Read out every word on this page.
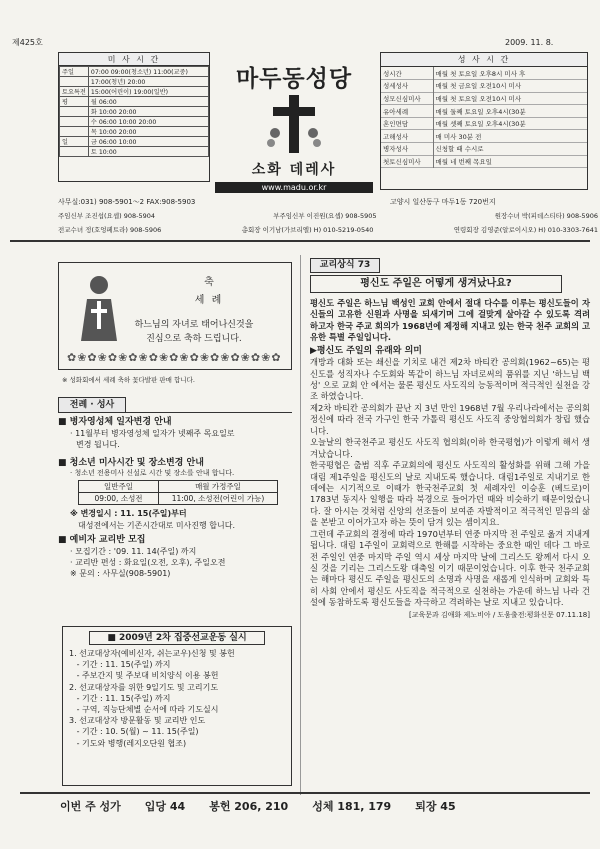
제425호	2009. 11. 8.
미 사 시 간
주일	07:00 09:00(청소년) 11:00(교중)
	17:00(청년) 20:00
토요특전	15:00(어린이) 19:00(일반)
평	월 06:00
	화 10:00 20:00
	수 06:00 10:00 20:00
	목 10:00 20:00
일	금 06:00 10:00
	토 10:00
마두동성당
소화 데레사
www.madu.or.kr
성 사 시 간
성시간	매월 첫 토요일 오후8시 미사 후
성세성사	매월 첫 금요일 오전10시 미사
성모신심미사	매월 첫 토요일 오전10시 미사
유아세례	매월 둘째 토요일 오후4시(30분
혼인면담	매월 셋째 토요일 오후4시(30분
고해성사	매 미사 30분 전
병자성사	신청할 때 수시로
첫토신심미사	매월 네 번째 목요일
사무실:031) 908-5901～2 FAX:908-5903	고양시 일산동구 마두1동 720번지
주임신부 조진섭(요셉) 908-5904	부주임신부 이진원(요셉) 908-5905	원장수녀 박(피데스티타) 908-5906
전교수녀 정(호엉페트라) 908-5906	총회장 이기남(가브리엘) H) 010-5219-0540	연령회장 김영준(알로이시오) H) 010-3303-7641
축
세 례
하느님의 자녀로 태어나신것을
진심으로 축하 드립니다.
✿❀✿❀✿❀✿❀✿❀✿❀✿❀✿❀✿❀✿❀✿
※ 성화회에서 세례 축하 꽃다발판 판매 합니다.
전례 · 성사
■ 병자영성체 일자변경 안내
· 11월부터 병자영성체 일자가 넷째주 목요일로
변경 됩니다.
■ 청소년 미사시간 및 장소변경 안내
· 청소년 전용미사 신설로 시간 및 장소를 안내 합니다.
일반주일	매월 가정주일
09:00, 소성전	11:00, 소성전(어린이 가능)
※ 변경일시 : 11. 15(주일)부터
대성전에서는 기존시간대로 미사진행 합니다.
■ 예비자 교리반 모집
· 모집기간 : '09. 11. 14(주일) 까지
· 교리반 편성 : 화요일(오전, 오후), 주일오전
※ 문의 : 사무실(908-5901)
■ 2009년 2차 집중선교운동 실시
1. 선교대상자(예비신자, 쉬는교우)신청 및 봉헌
- 기간 : 11. 15(주일) 까지
- 주보간지 및 주보대 비치양식 이용 봉헌
2. 선교대상자를 위한 9일기도 및 고리기도
- 기간 : 11. 15(주일) 까지
- 구역, 직능단체별 순서에 따라 기도실시
3. 선교대상자 방문활동 및 교리반 인도
- 기간 : 10. 5(월) ~ 11. 15(주일)
- 기도와 병행(레지오단원 협조)
교리상식 73
평신도 주일은 어떻게 생겨났나요?

평신도 주일은 하느님 백성인 교회 안에서 절대 다수를 이루는 평신도들이 자신들의 고유한 신원과 사명을 되새기며 그에 걸맞게 살아갈 수 있도록 격려 하고자 한국 주교 회의가 1968년에 제정해 지내고 있는 한국 천주 교회의 고유한 특별 주일입니다.

▶평신도 주일의 유래와 의미

개방과 대화 또는 쇄신을 기치로 내건 제2차 바티칸 공의회(1962~65)는 평신도를 성직자나 수도회와 똑같이 하느님 자녀로써의 품위를 지닌 '하느님 백성' 으로 교회 안 에서는 물론 평신도 사도직의 능동적이며 적극적인 실천을 강조 하였습니다.

제2차 바티칸 공의회가 끝난 지 3년 만인 1968년 7월 우리나라에서는 공의회 정신에 따라 전국 가구인 한국 가톨릭 평신도 사도직 중앙협의회가 창립 했습니다.

오늘날의 한국천주교 평신도 사도직 협의회(이하 한국평협)가 이렇게 해서 생겨났습니다.

한국평협은 출범 직후 주교회의에 평신도 사도직의 활성화를 위해 그해 가을 대림 제1주일을 평신도의 날로 지내도록 했습니다. 대림1주일로 지내기로 한데에는 시기적으로 이때가 한국천주교회 첫 세례자인 이승훈 (베드로)이 1783년 동지사 일행을 따라 북경으로 들어가던 때와 비슷하기 때문이었습니다. 잘 아시는 것처럼 신앙의 선조들이 보여준 자발적이고 적극적인 믿음의 삶을 본받고 이어가고자 하는 뜻이 담겨 있는 셈이지요.

그런데 주교회의 결정에 따라 1970년부터 연중 마지막 전 주일로 옮겨 지내게 됩니다. 대림 1주일이 교회력으로 한해를 시작하는 중요한 때인 데다 그 바로 전 주일인 연중 마지막 주일 역시 세상 마지막 날에 그리스도 왕께서 다시 오실 것을 기리는 그리스도왕 대축일 이기 때문이었습니다. 이후 한국 천주교회는 해마다 평신도 주일을 평신도의 소명과 사명을 새롭게 인식하며 교회와 특히 사회 안에서 평신도 사도직을 적극적으로 실천하는 가운데 하느님 나라 건설에 동참하도록 평신도들을 자극하고 격려하는 날로 지내고 있습니다.

[교육문과 김애화 제노비아 / 도움출전:평화신문 07.11.18]

이번 주 성가 입당 44 봉헌 206, 210 성체 181, 179 퇴장 45
